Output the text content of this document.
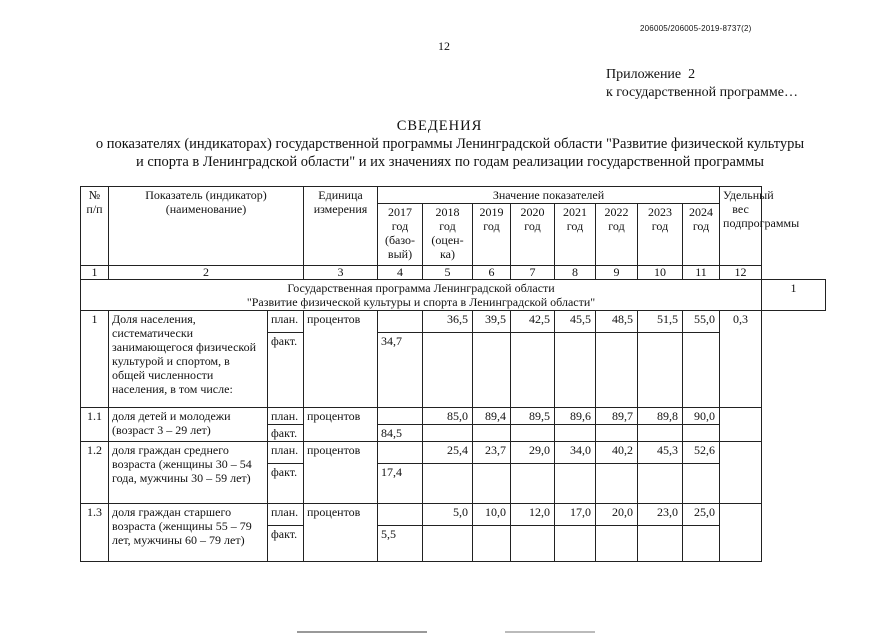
206005/206005-2019-8737(2)
12
Приложение  2
к государственной программе…
СВЕДЕНИЯ
о показателях (индикаторах) государственной программы Ленинградской области "Развитие физической культуры
и спорта в Ленинградской области" и их значениях по годам реализации государственной программы
№ п/п	Показатель (индикатор) (наименование)		Единица измерения	Значение показателей								Удельный вес подпрограммы	
				2017 год (базо-вый)	2018 год (оцен-ка)	2019 год	2020 год	2021 год	2022 год	2023 год	2024 год		
1	2		3	4	5	6	7	8	9	10	11	12	

Государственная программа Ленинградской области
"Развитие физической культуры и спорта в Ленинградской области"													1
1	Доля населения, систематически занимающегося физической культурой и спортом, в общей численности населения, в том числе:	план.	процентов		36,5	39,5	42,5	45,5	48,5	51,5	55,0	0,3	
		факт.		34,7									
1.1	доля детей и молодежи (возраст 3 – 29 лет)	план.	процентов		85,0	89,4	89,5	89,6	89,7	89,8	90,0		
		факт.		84,5									
1.2	доля граждан среднего возраста (женщины 30 – 54 года, мужчины 30 – 59 лет)	план.	процентов		25,4	23,7	29,0	34,0	40,2	45,3	52,6		
		факт.		17,4									
1.3	доля граждан старшего возраста (женщины 55 – 79 лет, мужчины 60 – 79 лет)	план.	процентов		5,0	10,0	12,0	17,0	20,0	23,0	25,0		
		факт.		5,5									
